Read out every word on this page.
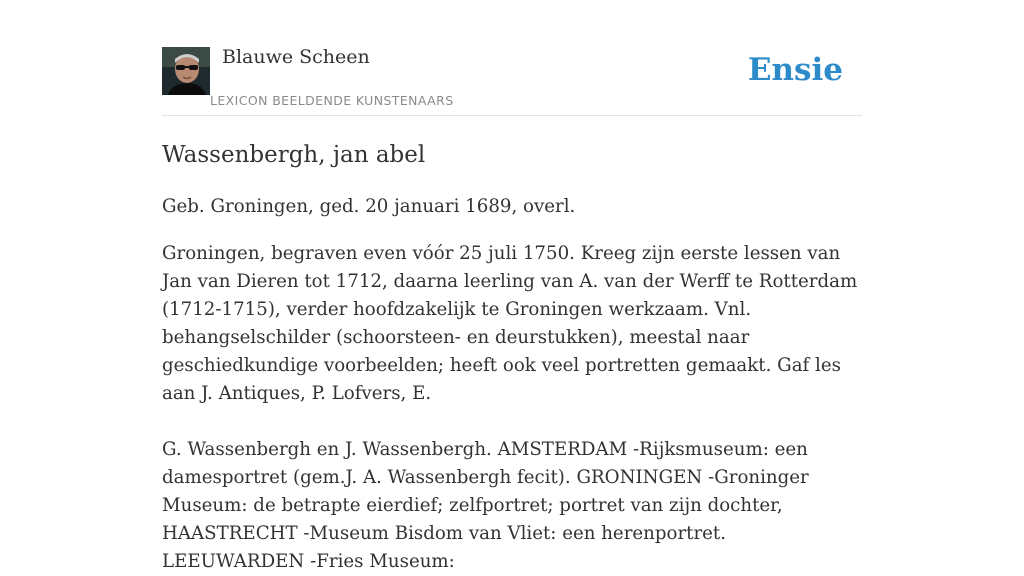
Blauwe Scheen
LEXICON BEELDENDE KUNSTENAARS
Ensie
Wassenbergh, jan abel

Geb. Groningen, ged. 20 januari 1689, overl.

Groningen, begraven even vóór 25 juli 1750. Kreeg zijn eerste lessen van Jan van Dieren tot 1712, daarna leerling van A. van der Werff te Rotterdam (1712-1715), verder hoofdzakelijk te Groningen werkzaam. Vnl. behangselschilder (schoorsteen- en deurstukken), meestal naar geschiedkundige voorbeelden; heeft ook veel portretten gemaakt. Gaf les aan J. Antiques, P. Lofvers, E.

G. Wassenbergh en J. Wassenbergh. AMSTERDAM -Rijksmuseum: een damesportret (gem.J. A. Wassenbergh fecit). GRONINGEN -Groninger Museum: de betrapte eierdief; zelfportret; portret van zijn dochter, HAASTRECHT -Museum Bisdom van Vliet: een herenportret. LEEUWARDEN -Fries Museum:
